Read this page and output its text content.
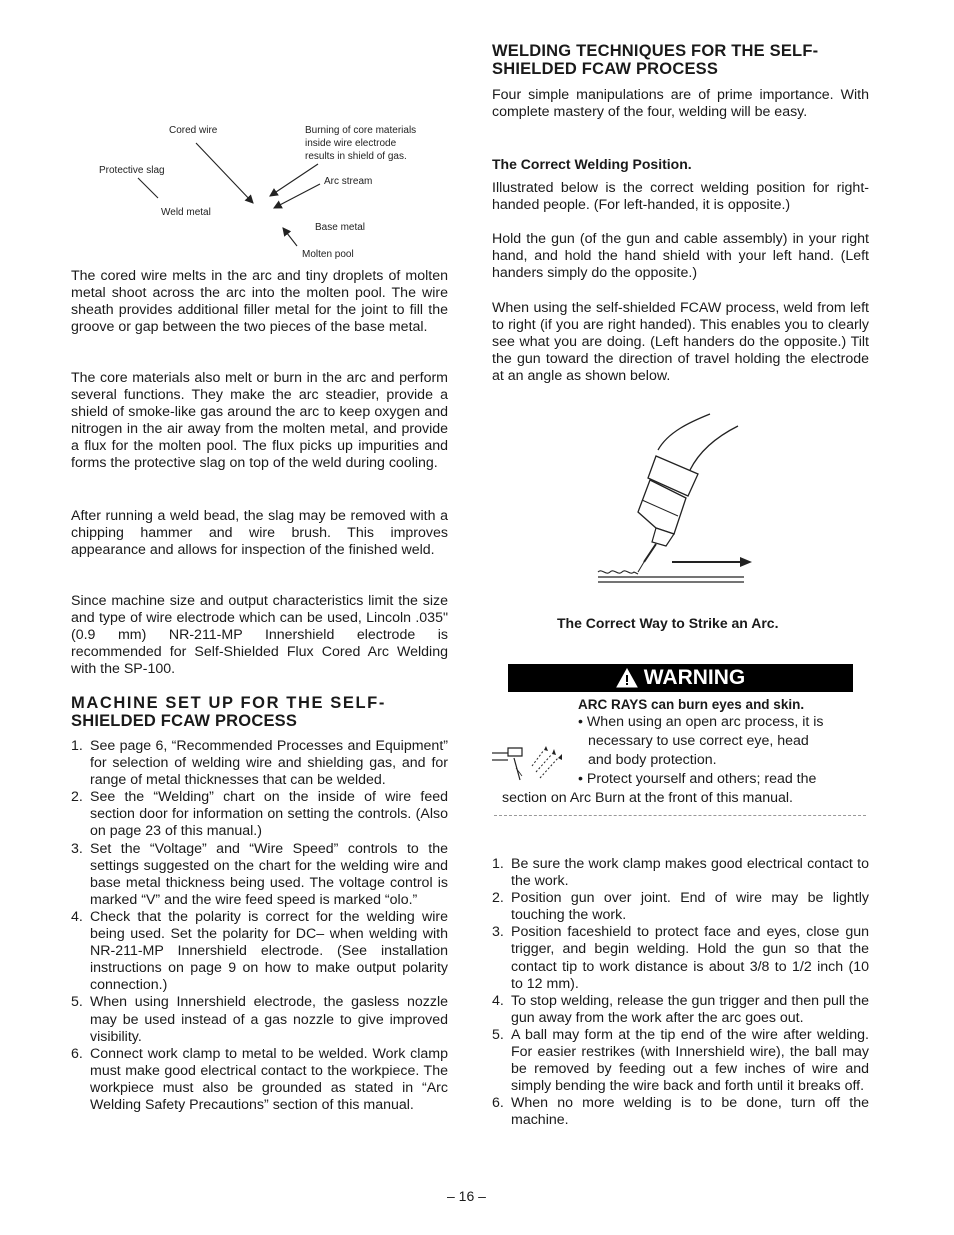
Cored wire	Burning of core materials
inside wire electrode
results in shield of gas.
Protective slag
Arc stream
Weld metal
Base metal
Molten pool

The cored wire melts in the arc and tiny droplets of molten metal shoot across the arc into the molten pool. The wire sheath provides additional filler metal for the joint to fill the groove or gap between the two pieces of the base metal.

The core materials also melt or burn in the arc and perform several functions. They make the arc steadier, provide a shield of smoke-like gas around the arc to keep oxygen and nitrogen in the air away from the molten metal, and provide a flux for the molten pool. The flux picks up impurities and forms the protective slag on top of the weld during cooling.

After running a weld bead, the slag may be removed with a chipping hammer and wire brush. This improves appearance and allows for inspection of the finished weld.

Since machine size and output characteristics limit the size and type of wire electrode which can be used, Lincoln .035" (0.9 mm) NR-211-MP Innershield electrode is recommended for Self-Shielded Flux Cored Arc Welding with the SP-100.

MACHINE SET UP FOR THE SELF-
SHIELDED FCAW PROCESS
1. See page 6, “Recommended Processes and Equipment” for selection of welding wire and shielding gas, and for range of metal thicknesses that can be welded.
2. See the “Welding” chart on the inside of wire feed section door for information on setting the controls. (Also on page 23 of this manual.)
3. Set the “Voltage” and “Wire Speed” controls to the settings suggested on the chart for the welding wire and base metal thickness being used. The voltage control is marked “V” and the wire feed speed is marked “olo.”
4. Check that the polarity is correct for the welding wire being used. Set the polarity for DC– when welding with NR-211-MP Innershield electrode. (See installation instructions on page 9 on how to make output polarity connection.)
5. When using Innershield electrode, the gasless nozzle may be used instead of a gas nozzle to give improved visibility.
6. Connect work clamp to metal to be welded. Work clamp must make good electrical contact to the workpiece. The workpiece must also be grounded as stated in “Arc Welding Safety Precautions” section of this manual.
WELDING TECHNIQUES FOR THE SELF-
SHIELDED FCAW PROCESS

Four simple manipulations are of prime importance. With complete mastery of the four, welding will be easy.

The Correct Welding Position.

Illustrated below is the correct welding position for right-handed people. (For left-handed, it is opposite.)

Hold the gun (of the gun and cable assembly) in your right hand, and hold the hand shield with your left hand. (Left handers simply do the opposite.)

When using the self-shielded FCAW process, weld from left to right (if you are right handed). This enables you to clearly see what you are doing. (Left handers do the opposite.) Tilt the gun toward the direction of travel holding the electrode at an angle as shown below.

The Correct Way to Strike an Arc.
WARNING
ARC RAYS can burn eyes and skin.
• When using an open arc process, it is
necessary to use correct eye, head
and body protection.
• Protect yourself and others; read the
section on Arc Burn at the front of this manual.
1. Be sure the work clamp makes good electrical contact to the work.
2. Position gun over joint. End of wire may be lightly touching the work.
3. Position faceshield to protect face and eyes, close gun trigger, and begin welding. Hold the gun so that the contact tip to work distance is about 3/8 to 1/2 inch (10 to 12 mm).
4. To stop welding, release the gun trigger and then pull the gun away from the work after the arc goes out.
5. A ball may form at the tip end of the wire after welding. For easier restrikes (with Innershield wire), the ball may be removed by feeding out a few inches of wire and simply bending the wire back and forth until it breaks off.
6. When no more welding is to be done, turn off the machine.
– 16 –
